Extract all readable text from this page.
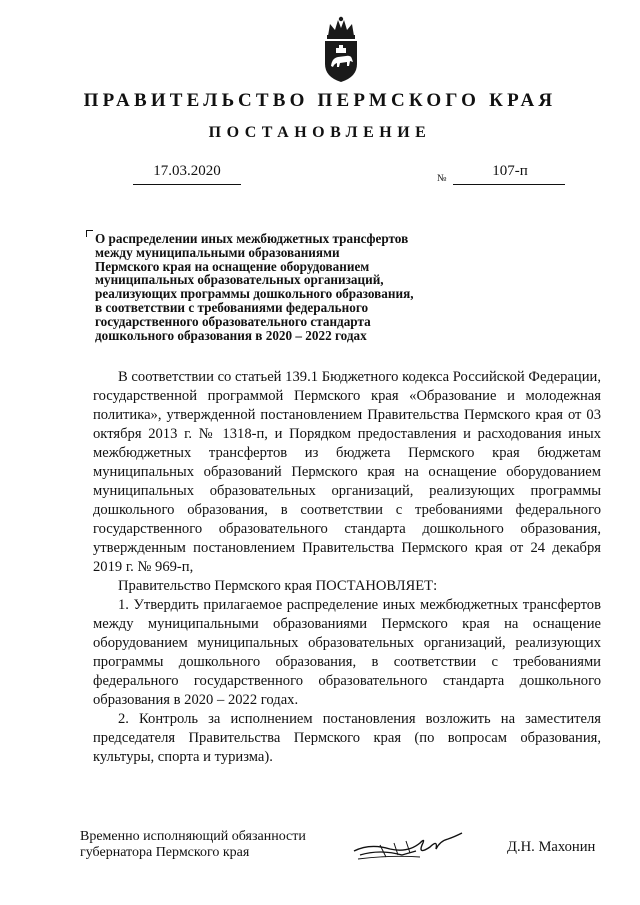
ПРАВИТЕЛЬСТВО ПЕРМСКОГО КРАЯ
ПОСТАНОВЛЕНИЕ
17.03.2020	№	107-п
О распределении иных межбюджетных трансфертов
между муниципальными образованиями
Пермского края на оснащение оборудованием
муниципальных образовательных организаций,
реализующих программы дошкольного образования,
в соответствии с требованиями федерального
государственного образовательного стандарта
дошкольного образования в 2020 – 2022 годах

В соответствии со статьей 139.1 Бюджетного кодекса Российской Федерации, государственной программой Пермского края «Образование и молодежная политика», утвержденной постановлением Правительства Пермского края от 03 октября 2013 г. № 1318-п, и Порядком предоставления и расходования иных межбюджетных трансфертов из бюджета Пермского края бюджетам муниципальных образований Пермского края на оснащение оборудованием муниципальных образовательных организаций, реализующих программы дошкольного образования, в соответствии с требованиями федерального государственного образовательного стандарта дошкольного образования, утвержденным постановлением Правительства Пермского края от 24 декабря 2019 г. № 969-п,

Правительство Пермского края ПОСТАНОВЛЯЕТ:

1. Утвердить прилагаемое распределение иных межбюджетных трансфертов между муниципальными образованиями Пермского края на оснащение оборудованием муниципальных образовательных организаций, реализующих программы дошкольного образования, в соответствии с требованиями федерального государственного образовательного стандарта дошкольного образования в 2020 – 2022 годах.

2. Контроль за исполнением постановления возложить на заместителя председателя Правительства Пермского края (по вопросам образования, культуры, спорта и туризма).

Временно исполняющий обязанности
губернатора Пермского края	Д.Н. Махонин
